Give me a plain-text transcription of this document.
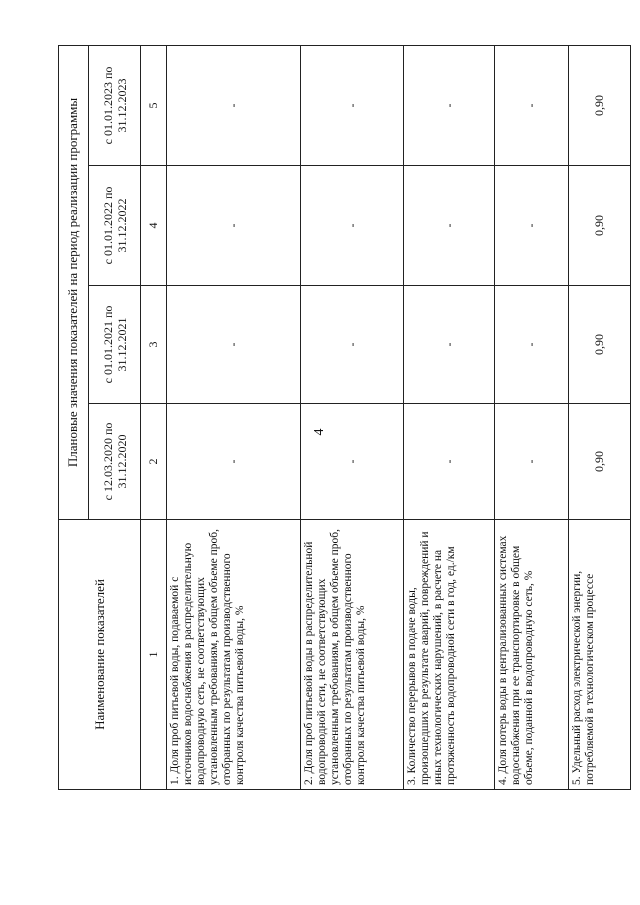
4
Наименование показателей	Плановые значения показателей на период реализации программы			
	с 12.03.2020 по 31.12.2020	с 01.01.2021 по 31.12.2021	с 01.01.2022 по 31.12.2022	с 01.01.2023 по 31.12.2023
1	2	3	4	5
1. Доля проб питьевой воды, подаваемой с источников водоснабжения в распределительную водопроводную сеть, не соответствующих установленным требованиям, в общем объеме проб, отобранных по результатам производственного контроля качества питьевой воды, %	-	-	-	-
2. Доля проб питьевой воды в распределительной водопроводной сети, не соответствующих установленным требованиям, в общем объеме проб, отобранных по результатам производственного контроля качества питьевой воды, %	-	-	-	-
3. Количество перерывов в подаче воды, произошедших в результате аварий, повреждений и иных технологических нарушений, в расчете на протяженность водопроводной сети в год, ед./км	-	-	-	-
4. Доля потерь воды в централизованных системах водоснабжения при ее транспортировке в общем объеме, поданной в водопроводную сеть, %	-	-	-	-
5. Удельный расход электрической энергии, потребляемой в технологическом процессе	0,90	0,90	0,90	0,90
